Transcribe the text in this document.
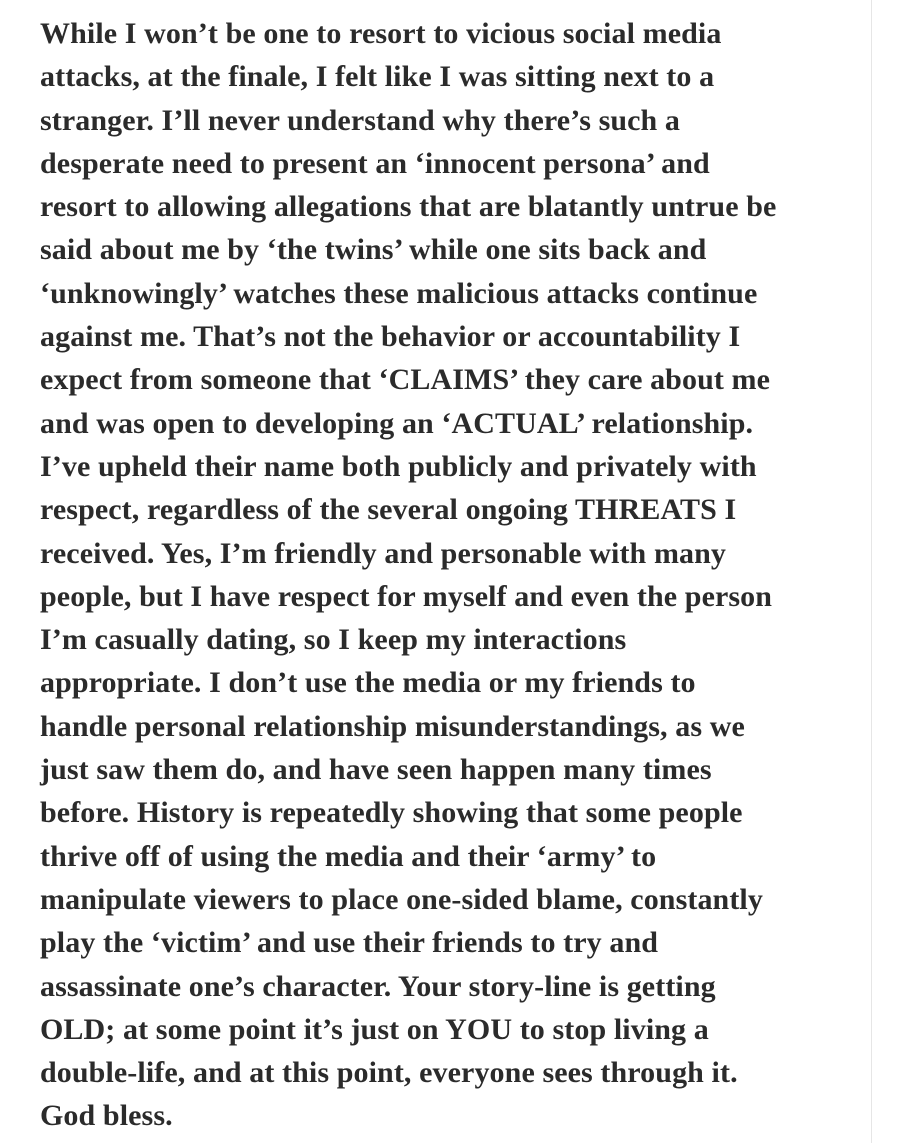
While I won’t be one to resort to vicious social media
attacks, at the finale, I felt like I was sitting next to a
stranger. I’ll never understand why there’s such a
desperate need to present an ‘innocent persona’ and
resort to allowing allegations that are blatantly untrue be
said about me by ‘the twins’ while one sits back and
‘unknowingly’ watches these malicious attacks continue
against me. That’s not the behavior or accountability I
expect from someone that ‘CLAIMS’ they care about me
and was open to developing an ‘ACTUAL’ relationship.
I’ve upheld their name both publicly and privately with
respect, regardless of the several ongoing THREATS I
received. Yes, I’m friendly and personable with many
people, but I have respect for myself and even the person
I’m casually dating, so I keep my interactions
appropriate. I don’t use the media or my friends to
handle personal relationship misunderstandings, as we
just saw them do, and have seen happen many times
before. History is repeatedly showing that some people
thrive off of using the media and their ‘army’ to
manipulate viewers to place one-sided blame, constantly
play the ‘victim’ and use their friends to try and
assassinate one’s character. Your story-line is getting
OLD; at some point it’s just on YOU to stop living a
double-life, and at this point, everyone sees through it.
God bless.
